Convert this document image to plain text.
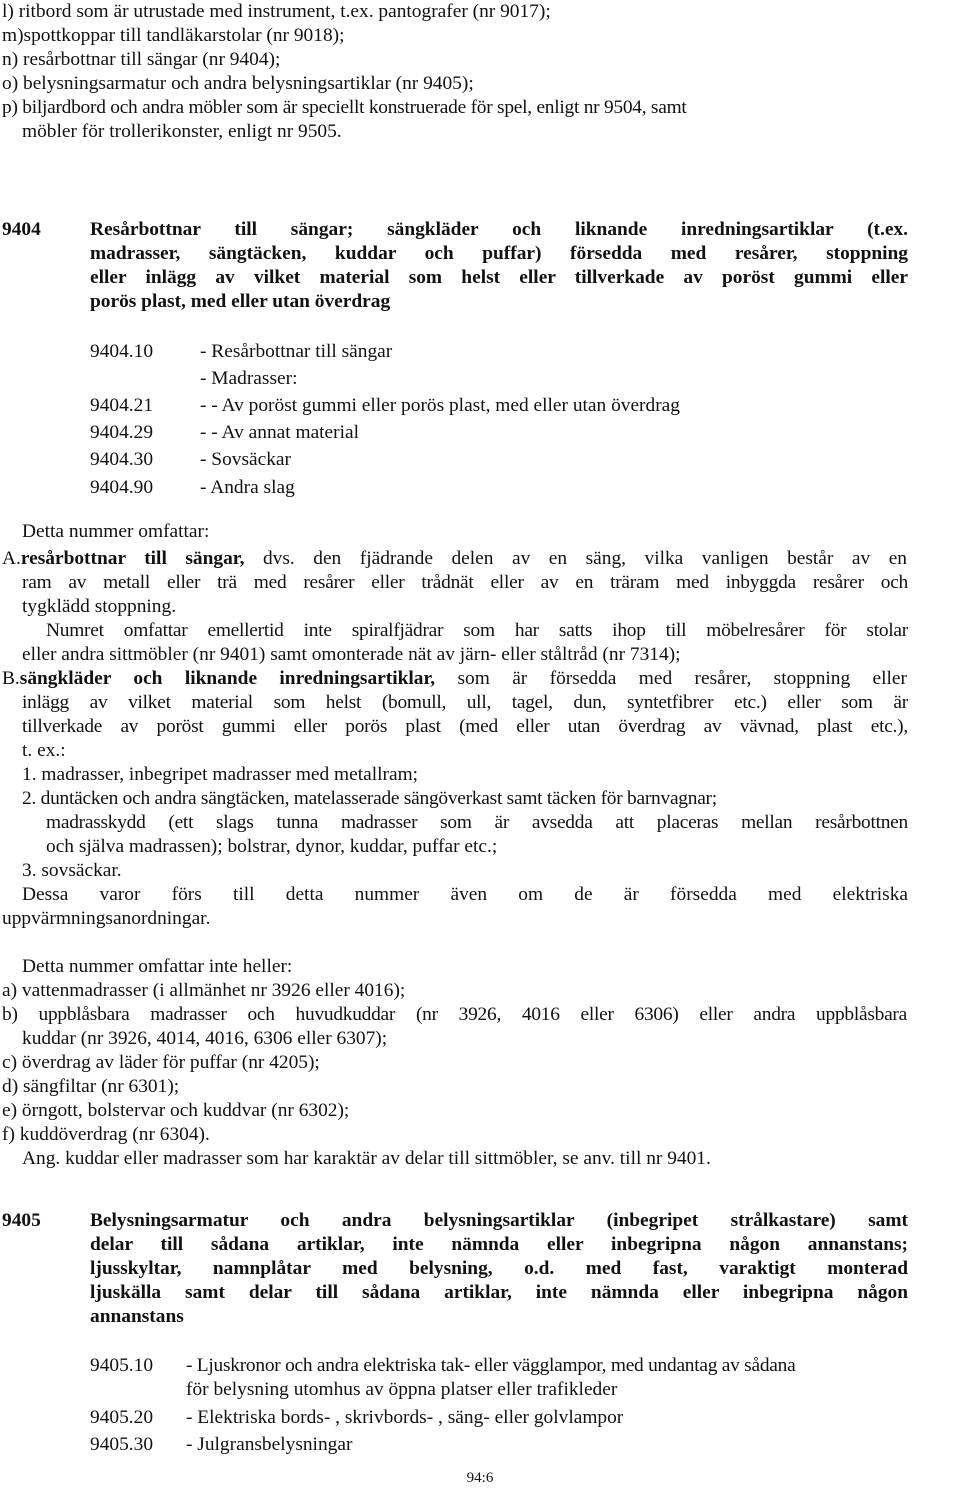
l) ritbord som är utrustade med instrument, t.ex. pantografer (nr 9017);
m)spottkoppar till tandläkarstolar (nr 9018);
n) resårbottnar till sängar (nr 9404);
o) belysningsarmatur och andra belysningsartiklar (nr 9405);
p) biljardbord och andra möbler som är speciellt konstruerade för spel, enligt nr 9504, samt
möbler för trollerikonster, enligt nr 9505.
9404	Resårbottnar till sängar; sängkläder och liknande inredningsartiklar (t.ex.
madrasser, sängtäcken, kuddar och puffar) försedda med resårer, stoppning
eller inlägg av vilket material som helst eller tillverkade av poröst gummi eller
porös plast, med eller utan överdrag
9404.10 - Resårbottnar till sängar
- Madrasser:
9404.21 - - Av poröst gummi eller porös plast, med eller utan överdrag
9404.29 - - Av annat material
9404.30 - Sovsäckar
9404.90 - Andra slag
Detta nummer omfattar:
A.resårbottnar till sängar, dvs. den fjädrande delen av en säng, vilka vanligen består av en
ram av metall eller trä med resårer eller trådnät eller av en träram med inbyggda resårer och
tygklädd stoppning.
Numret omfattar emellertid inte spiralfjädrar som har satts ihop till möbelresårer för stolar
eller andra sittmöbler (nr 9401) samt omonterade nät av järn- eller ståltråd (nr 7314);
B.sängkläder och liknande inredningsartiklar, som är försedda med resårer, stoppning eller
inlägg av vilket material som helst (bomull, ull, tagel, dun, syntetfibrer etc.) eller som är
tillverkade av poröst gummi eller porös plast (med eller utan överdrag av vävnad, plast etc.),
t. ex.:
1. madrasser, inbegripet madrasser med metallram;
2. duntäcken och andra sängtäcken, matelasserade sängöverkast samt täcken för barnvagnar;
madrasskydd (ett slags tunna madrasser som är avsedda att placeras mellan resårbottnen
och själva madrassen); bolstrar, dynor, kuddar, puffar etc.;
3. sovsäckar.
Dessa varor förs till detta nummer även om de är försedda med elektriska
uppvärmningsanordningar.
Detta nummer omfattar inte heller:
a) vattenmadrasser (i allmänhet nr 3926 eller 4016);
b) uppblåsbara madrasser och huvudkuddar (nr 3926, 4016 eller 6306) eller andra uppblåsbara
kuddar (nr 3926, 4014, 4016, 6306 eller 6307);
c) överdrag av läder för puffar (nr 4205);
d) sängfiltar (nr 6301);
e) örngott, bolstervar och kuddvar (nr 6302);
f) kuddöverdrag (nr 6304).
Ang. kuddar eller madrasser som har karaktär av delar till sittmöbler, se anv. till nr 9401.
9405	Belysningsarmatur och andra belysningsartiklar (inbegripet strålkastare) samt
delar till sådana artiklar, inte nämnda eller inbegripna någon annanstans;
ljusskyltar, namnplåtar med belysning, o.d. med fast, varaktigt monterad
ljuskälla samt delar till sådana artiklar, inte nämnda eller inbegripna någon
annanstans
9405.10 - Ljuskronor och andra elektriska tak- eller vägglampor, med undantag av sådana
för belysning utomhus av öppna platser eller trafikleder
9405.20 - Elektriska bords- , skrivbords- , säng- eller golvlampor
9405.30 - Julgransbelysningar
94:6
